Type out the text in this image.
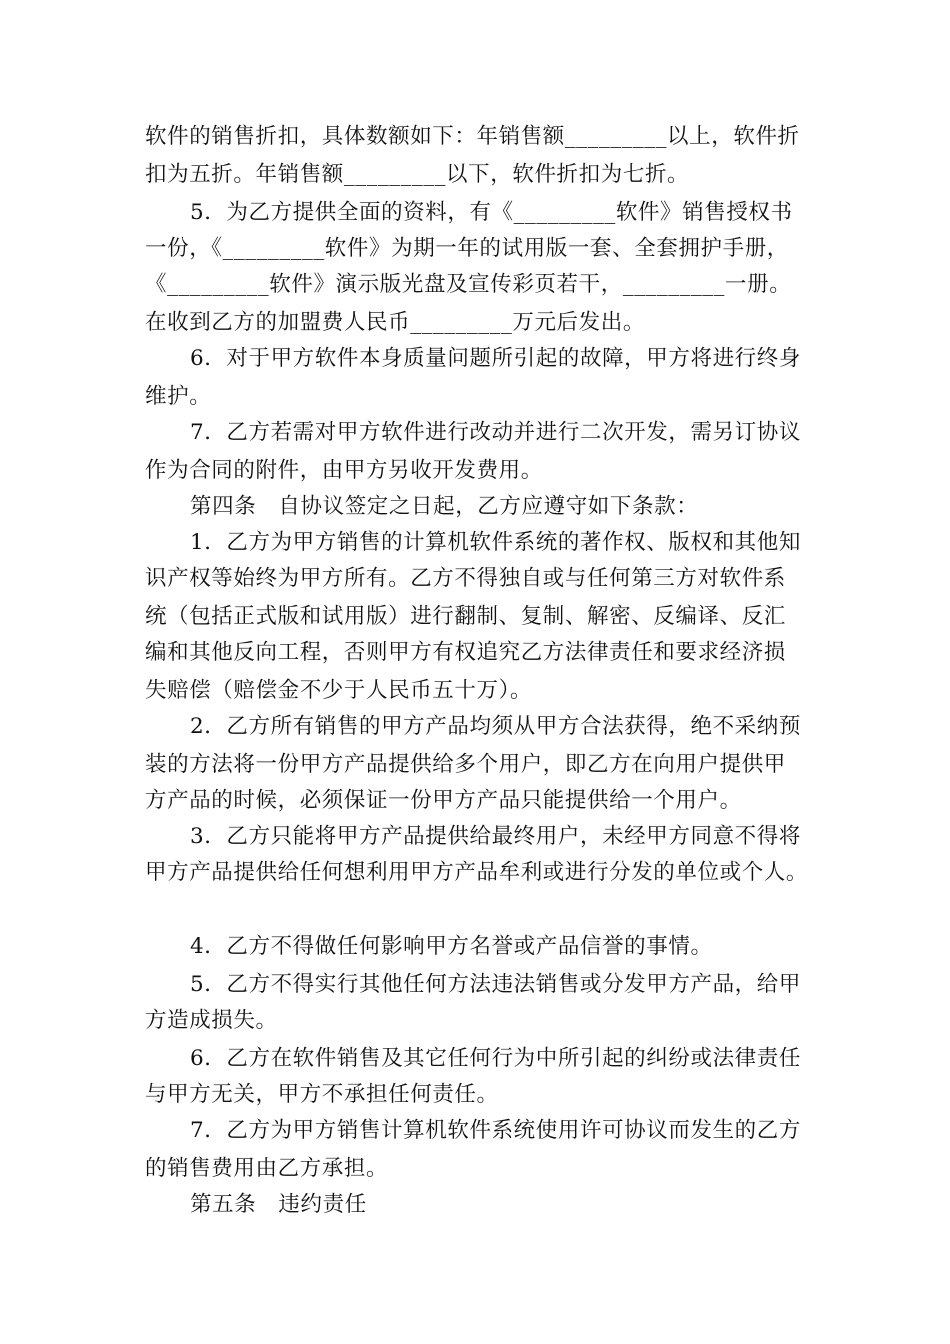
软件的销售折扣，具体数额如下：年销售额_________以上，软件折
扣为五折。年销售额_________以下，软件折扣为七折。
5．为乙方提供全面的资料，有《_________软件》销售授权书
一份，《_________软件》为期一年的试用版一套、全套拥护手册，
《_________软件》演示版光盘及宣传彩页若干，_________一册。
在收到乙方的加盟费人民币_________万元后发出。
6．对于甲方软件本身质量问题所引起的故障，甲方将进行终身
维护。
7．乙方若需对甲方软件进行改动并进行二次开发，需另订协议
作为合同的附件，由甲方另收开发费用。
第四条　自协议签定之日起，乙方应遵守如下条款：
1．乙方为甲方销售的计算机软件系统的著作权、版权和其他知
识产权等始终为甲方所有。乙方不得独自或与任何第三方对软件系
统（包括正式版和试用版）进行翻制、复制、解密、反编译、反汇
编和其他反向工程，否则甲方有权追究乙方法律责任和要求经济损
失赔偿（赔偿金不少于人民币五十万）。
2．乙方所有销售的甲方产品均须从甲方合法获得，绝不采纳预
装的方法将一份甲方产品提供给多个用户，即乙方在向用户提供甲
方产品的时候，必须保证一份甲方产品只能提供给一个用户。
3．乙方只能将甲方产品提供给最终用户，未经甲方同意不得将
甲方产品提供给任何想利用甲方产品牟利或进行分发的单位或个人。
4．乙方不得做任何影响甲方名誉或产品信誉的事情。
5．乙方不得实行其他任何方法违法销售或分发甲方产品，给甲
方造成损失。
6．乙方在软件销售及其它任何行为中所引起的纠纷或法律责任
与甲方无关，甲方不承担任何责任。
7．乙方为甲方销售计算机软件系统使用许可协议而发生的乙方
的销售费用由乙方承担。
第五条　违约责任
